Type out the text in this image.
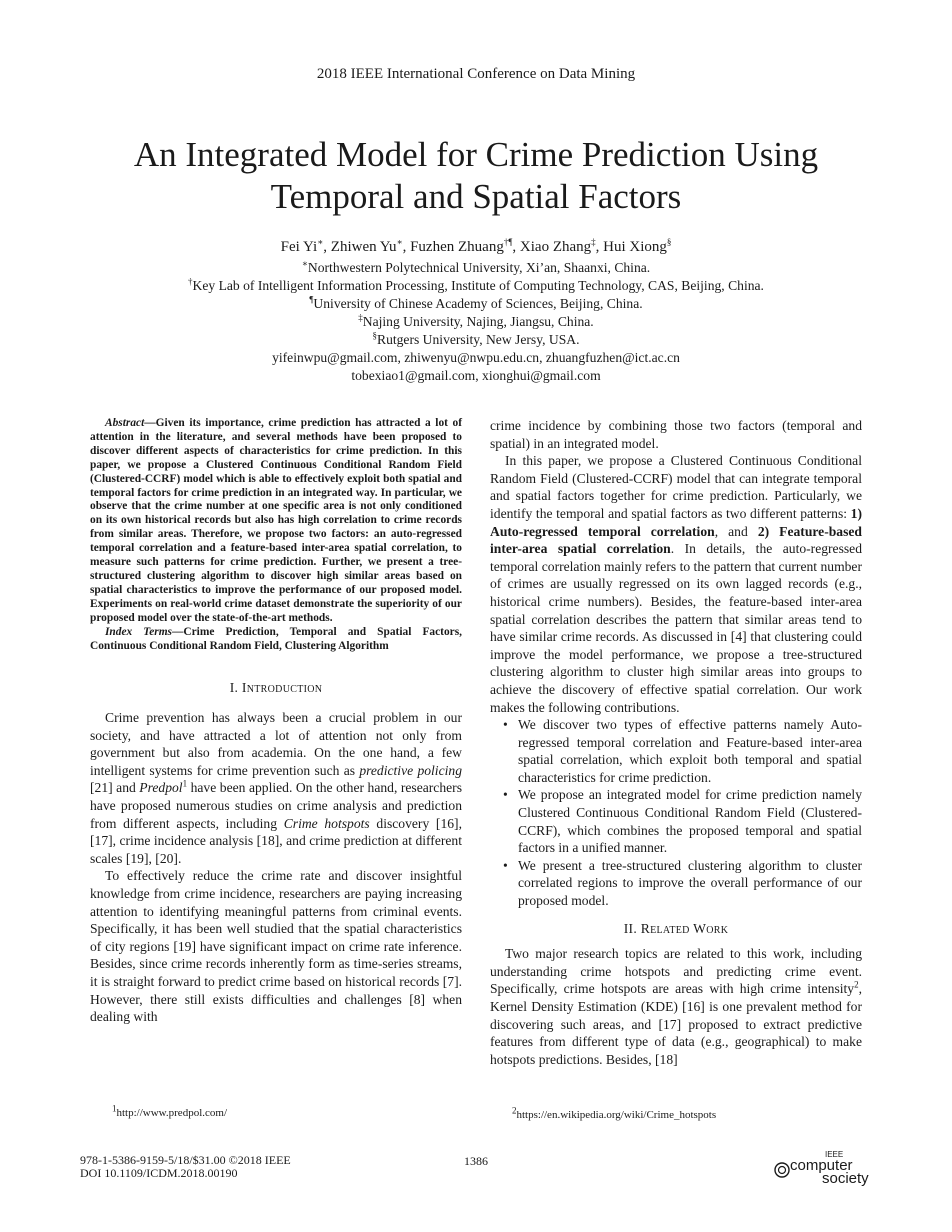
2018 IEEE International Conference on Data Mining
An Integrated Model for Crime Prediction Using
Temporal and Spatial Factors
Fei Yi∗, Zhiwen Yu∗, Fuzhen Zhuang†¶, Xiao Zhang‡, Hui Xiong§
∗Northwestern Polytechnical University, Xi’an, Shaanxi, China.
†Key Lab of Intelligent Information Processing, Institute of Computing Technology, CAS, Beijing, China.
¶University of Chinese Academy of Sciences, Beijing, China.
‡Najing University, Najing, Jiangsu, China.
§Rutgers University, New Jersy, USA.
yifeinwpu@gmail.com, zhiwenyu@nwpu.edu.cn, zhuangfuzhen@ict.ac.cn
tobexiao1@gmail.com, xionghui@gmail.com

Abstract—Given its importance, crime prediction has attracted a lot of attention in the literature, and several methods have been proposed to discover different aspects of characteristics for crime prediction. In this paper, we propose a Clustered Continuous Conditional Random Field (Clustered-CCRF) model which is able to effectively exploit both spatial and temporal factors for crime prediction in an integrated way. In particular, we observe that the crime number at one specific area is not only conditioned on its own historical records but also has high correlation to crime records from similar areas. Therefore, we propose two factors: an auto-regressed temporal correlation and a feature-based inter-area spatial correlation, to measure such patterns for crime prediction. Further, we present a tree-structured clustering algorithm to discover high similar areas based on spatial characteristics to improve the performance of our proposed model. Experiments on real-world crime dataset demonstrate the superiority of our proposed model over the state-of-the-art methods.

Index Terms—Crime Prediction, Temporal and Spatial Factors, Continuous Conditional Random Field, Clustering Algorithm

I. Introduction

Crime prevention has always been a crucial problem in our society, and have attracted a lot of attention not only from government but also from academia. On the one hand, a few intelligent systems for crime prevention such as predictive policing [21] and Predpol$^1$ have been applied. On the other hand, researchers have proposed numerous studies on crime analysis and prediction from different aspects, including Crime hotspots discovery [16], [17], crime incidence analysis [18], and crime prediction at different scales [19], [20].

To effectively reduce the crime rate and discover insightful knowledge from crime incidence, researchers are paying increasing attention to identifying meaningful patterns from criminal events. Specifically, it has been well studied that the spatial characteristics of city regions [19] have significant impact on crime rate inference. Besides, since crime records inherently form as time-series streams, it is straight forward to predict crime based on historical records [7]. However, there still exists difficulties and challenges [8] when dealing with

crime incidence by combining those two factors (temporal and spatial) in an integrated model.

In this paper, we propose a Clustered Continuous Conditional Random Field (Clustered-CCRF) model that can integrate temporal and spatial factors together for crime prediction. Particularly, we identify the temporal and spatial factors as two different patterns: 1) Auto-regressed temporal correlation, and 2) Feature-based inter-area spatial correlation. In details, the auto-regressed temporal correlation mainly refers to the pattern that current number of crimes are usually regressed on its own lagged records (e.g., historical crime numbers). Besides, the feature-based inter-area spatial correlation describes the pattern that similar areas tend to have similar crime records. As discussed in [4] that clustering could improve the model performance, we propose a tree-structured clustering algorithm to cluster high similar areas into groups to achieve the discovery of effective spatial correlation. Our work makes the following contributions.

• We discover two types of effective patterns namely Auto-regressed temporal correlation and Feature-based inter-area spatial correlation, which exploit both temporal and spatial characteristics for crime prediction.
• We propose an integrated model for crime prediction namely Clustered Continuous Conditional Random Field (Clustered-CCRF), which combines the proposed temporal and spatial factors in a unified manner.
• We present a tree-structured clustering algorithm to cluster correlated regions to improve the overall performance of our proposed model.
II. Related Work

Two major research topics are related to this work, including understanding crime hotspots and predicting crime event. Specifically, crime hotspots are areas with high crime intensity$^2$, Kernel Density Estimation (KDE) [16] is one prevalent method for discovering such areas, and [17] proposed to extract predictive features from different type of data (e.g., geographical) to make hotspots predictions. Besides, [18]

$^1$http://www.predpol.com/	$^2$https://en.wikipedia.org/wiki/Crime_hotspots
978-1-5386-9159-5/18/$31.00 ©2018 IEEE
DOI 10.1109/ICDM.2018.00190
1386	IEEE
computer
society
